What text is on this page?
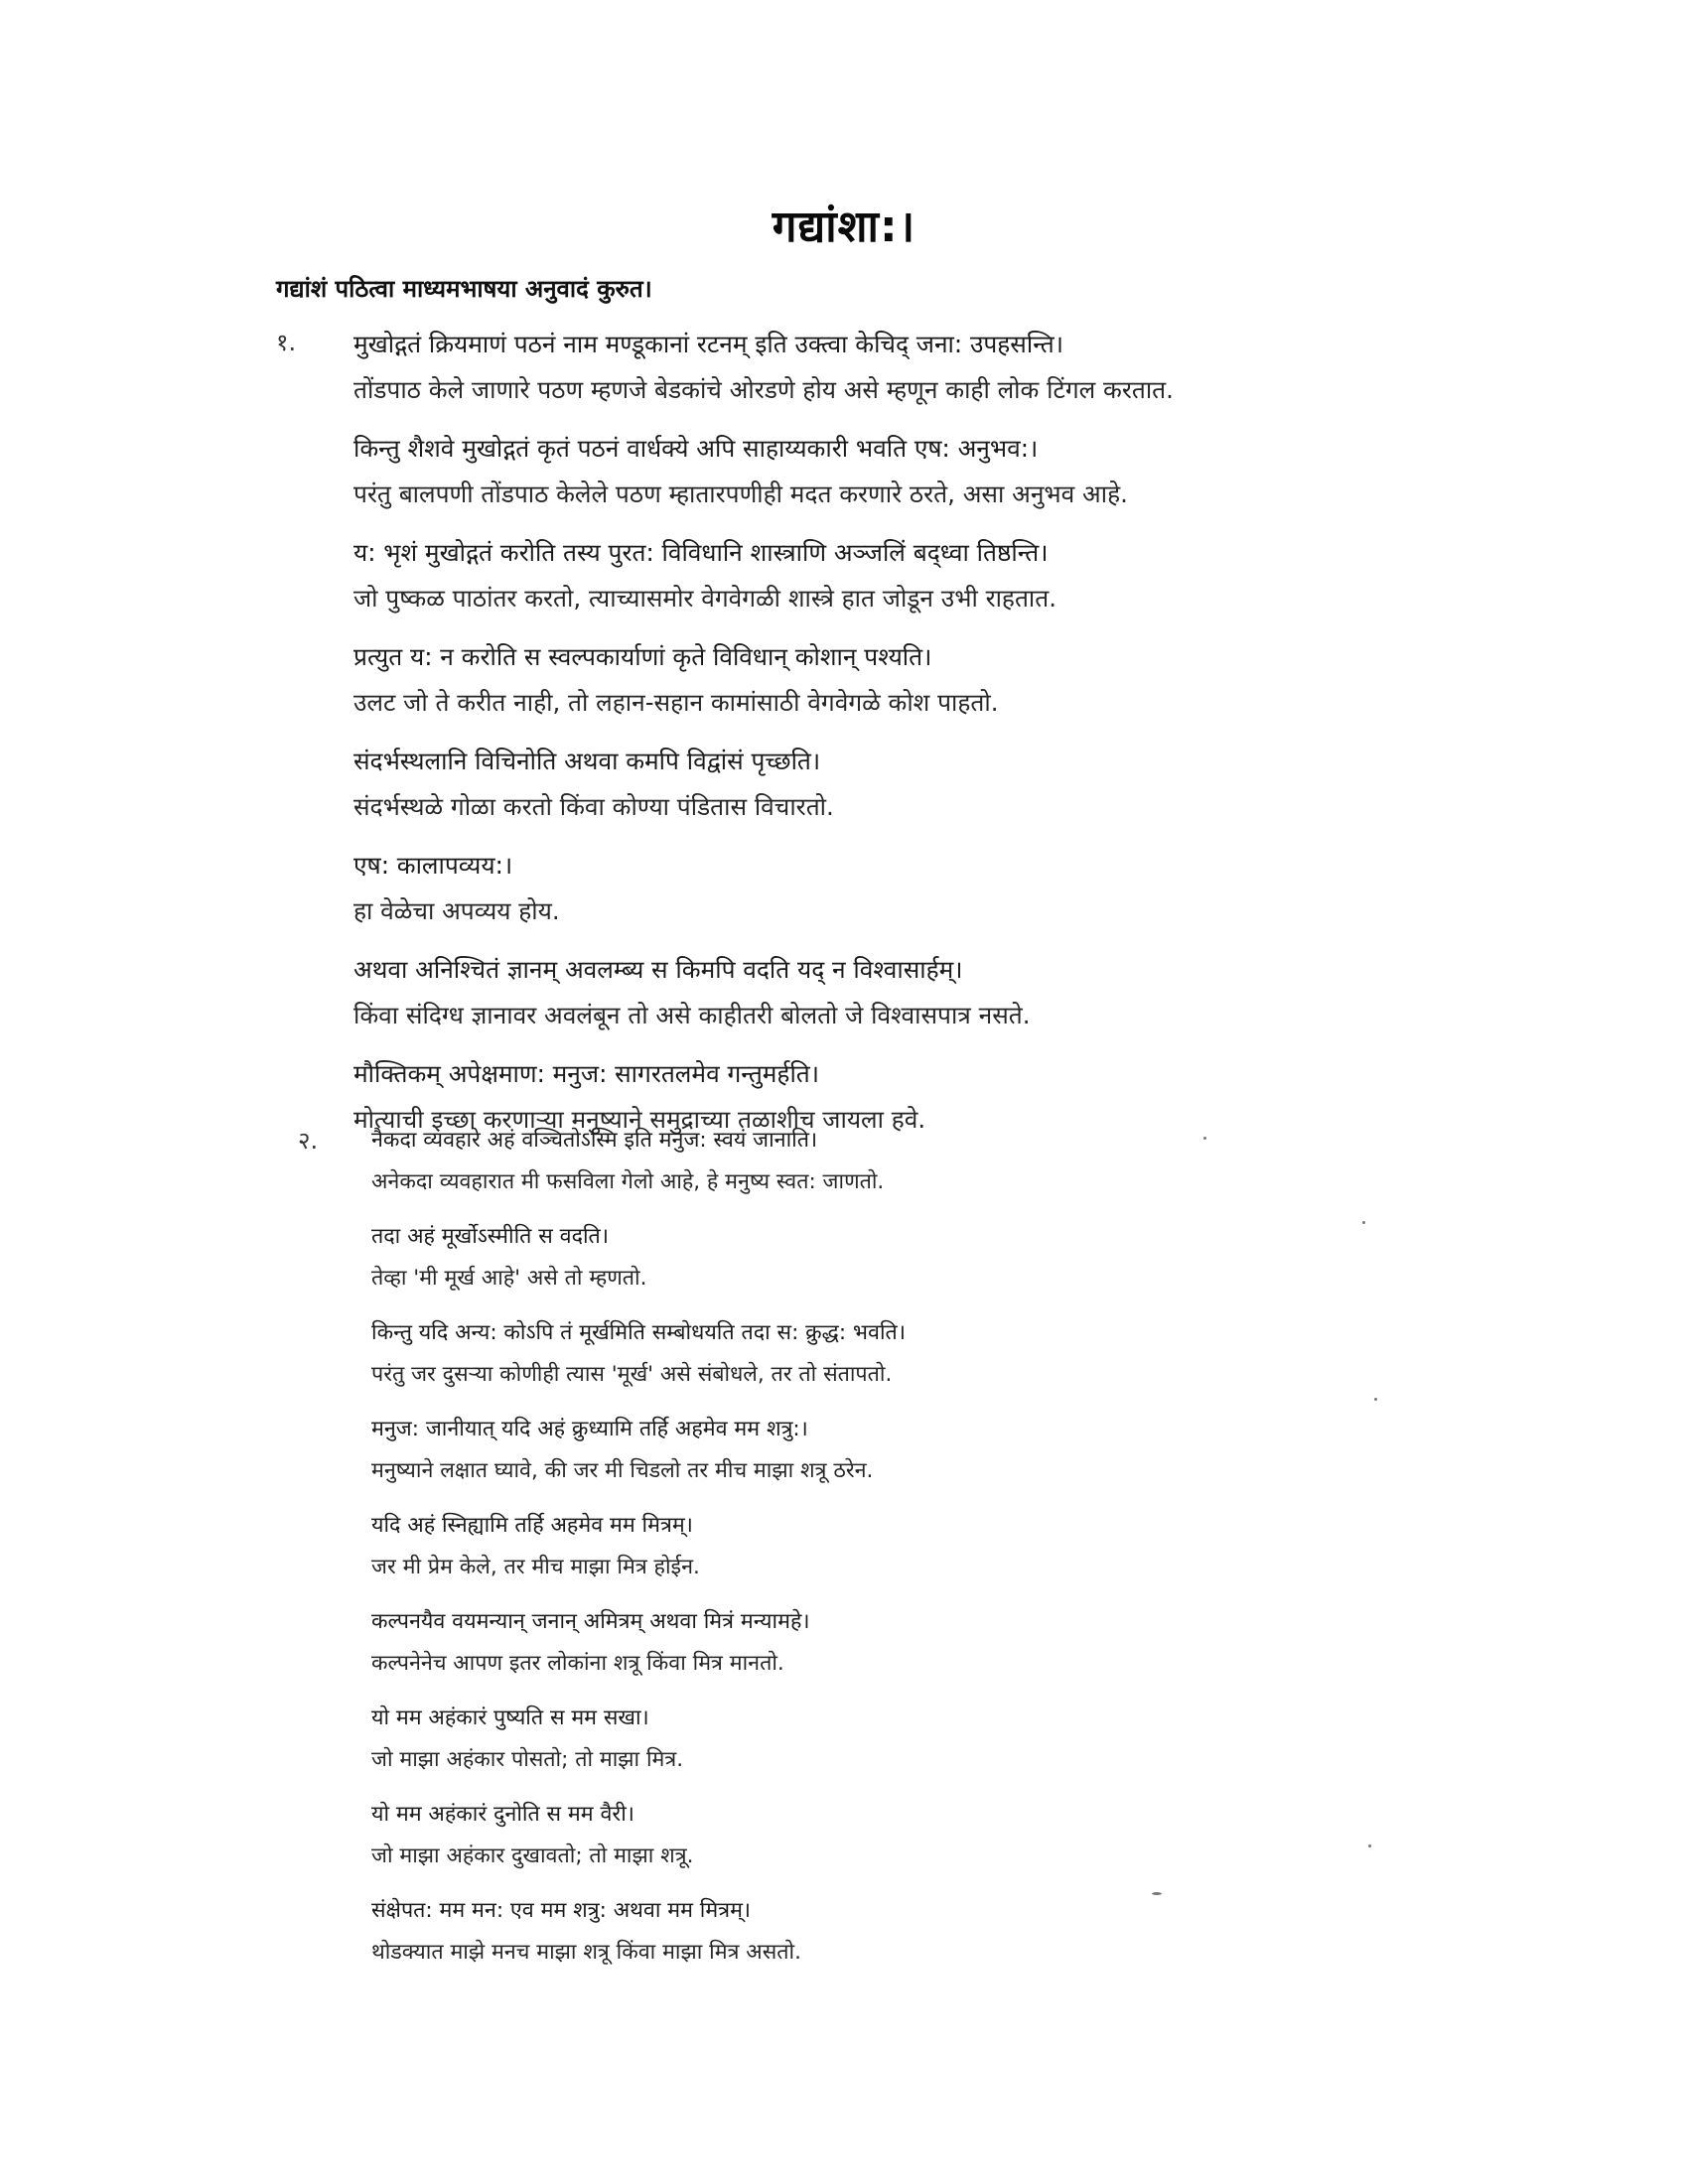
गद्यांशा:।
गद्यांशं पठित्वा माध्यमभाषया अनुवादं कुरुत।
१. मुखोद्गतं क्रियमाणं पठनं नाम मण्डूकानां रटनम् इति उक्त्वा केचिद् जना: उपहसन्ति।
तोंडपाठ केले जाणारे पठण म्हणजे बेडकांचे ओरडणे होय असे म्हणून काही लोक टिंगल करतात.
किन्तु शैशवे मुखोद्गतं कृतं पठनं वार्धक्ये अपि साहाय्यकारी भवति एष: अनुभव:।
परंतु बालपणी तोंडपाठ केलेले पठण म्हातारपणीही मदत करणारे ठरते, असा अनुभव आहे.
य: भृशं मुखोद्गतं करोति तस्य पुरत: विविधानि शास्त्राणि अञ्जलिं बद्ध्वा तिष्ठन्ति।
जो पुष्कळ पाठांतर करतो, त्याच्यासमोर वेगवेगळी शास्त्रे हात जोडून उभी राहतात.
प्रत्युत य: न करोति स स्वल्पकार्याणां कृते विविधान् कोशान् पश्यति।
उलट जो ते करीत नाही, तो लहान-सहान कामांसाठी वेगवेगळे कोश पाहतो.
संदर्भस्थलानि विचिनोति अथवा कमपि विद्वांसं पृच्छति।
संदर्भस्थळे गोळा करतो किंवा कोण्या पंडितास विचारतो.
एष: कालापव्यय:।
हा वेळेचा अपव्यय होय.
अथवा अनिश्चितं ज्ञानम् अवलम्ब्य स किमपि वदति यद् न विश्वासार्हम्।
किंवा संदिग्ध ज्ञानावर अवलंबून तो असे काहीतरी बोलतो जे विश्वासपात्र नसते.
मौक्तिकम् अपेक्षमाण: मनुज: सागरतलमेव गन्तुमर्हति।
मोत्याची इच्छा करणाऱ्या मनुष्याने समुद्राच्या तळाशीच जायला हवे.
२.	नैकदा व्यवहारे अहं वञ्चितोऽस्मि इति मनुज: स्वयं जानाति।
अनेकदा व्यवहारात मी फसविला गेलो आहे, हे मनुष्य स्वत: जाणतो.
तदा अहं मूर्खोऽस्मीति स वदति।
तेव्हा 'मी मूर्ख आहे' असे तो म्हणतो.
किन्तु यदि अन्य: कोऽपि तं मूर्खमिति सम्बोधयति तदा स: क्रुद्ध: भवति।
परंतु जर दुसऱ्या कोणीही त्यास 'मूर्ख' असे संबोधले, तर तो संतापतो.
मनुज: जानीयात् यदि अहं क्रुध्यामि तर्हि अहमेव मम शत्रु:।
मनुष्याने लक्षात घ्यावे, की जर मी चिडलो तर मीच माझा शत्रू ठरेन.
यदि अहं स्निह्यामि तर्हि अहमेव मम मित्रम्।
जर मी प्रेम केले, तर मीच माझा मित्र होईन.
कल्पनयैव वयमन्यान् जनान् अमित्रम् अथवा मित्रं मन्यामहे।
कल्पनेनेच आपण इतर लोकांना शत्रू किंवा मित्र मानतो.
यो मम अहंकारं पुष्यति स मम सखा।
जो माझा अहंकार पोसतो; तो माझा मित्र.
यो मम अहंकारं दुनोति स मम वैरी।
जो माझा अहंकार दुखावतो; तो माझा शत्रू.
संक्षेपत: मम मन: एव मम शत्रु: अथवा मम मित्रम्।
थोडक्यात माझे मनच माझा शत्रू किंवा माझा मित्र असतो.
